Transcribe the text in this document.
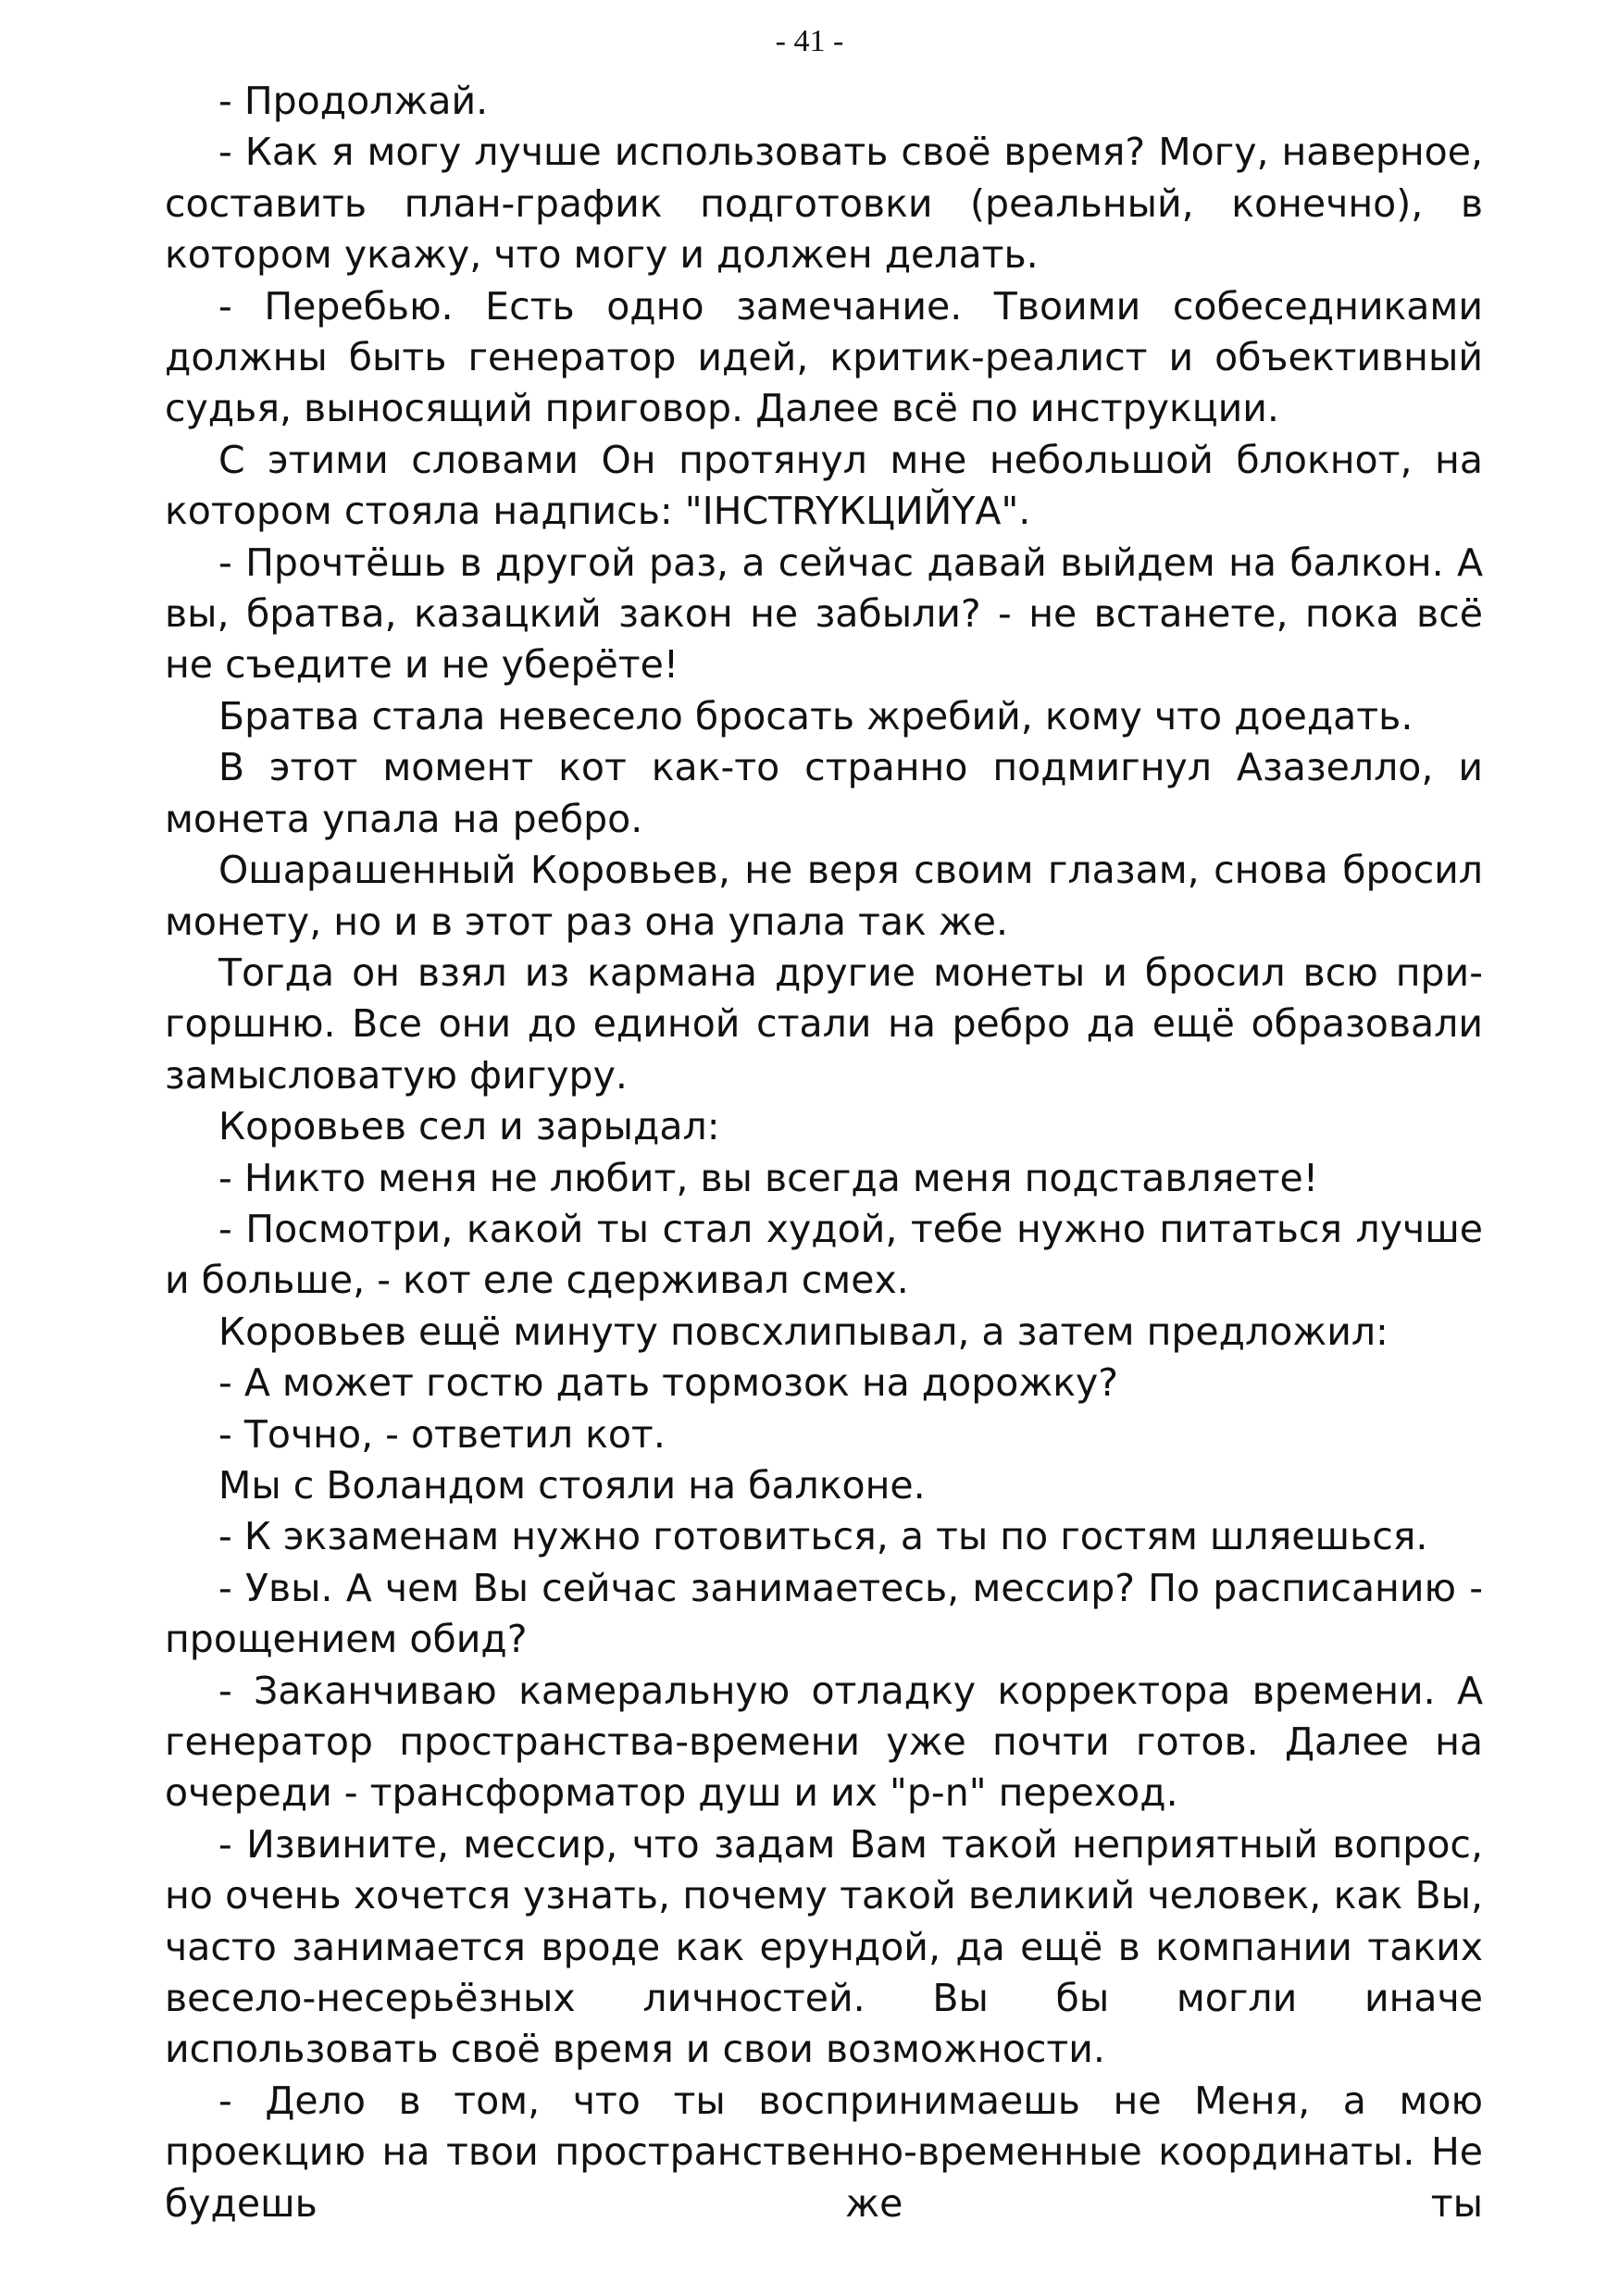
- 41 -

- Продолжай.

- Как я могу лучше использовать своё время? Могу, наверное, составить план-график подготовки (реальный, конечно), в котором укажу, что могу и должен делать.

- Перебью. Есть одно замечание. Твоими собеседниками должны быть генератор идей, критик-реалист и объективный судья, выносящий приговор. Далее всё по инструкции.

С этими словами Он протянул мне небольшой блокнот, на котором стояла надпись: "IНСТRYКЦИЙYА".

- Прочтёшь в другой раз, а сейчас давай выйдем на балкон. А вы, братва, казацкий закон не забыли? - не встанете, пока всё не съедите и не уберёте!

Братва стала невесело бросать жребий, кому что доедать.

В этот момент кот как-то странно подмигнул Азазелло, и монета упала на ребро.

Ошарашенный Коровьев, не веря своим глазам, снова бросил монету, но и в этот раз она упала так же.

Тогда он взял из кармана другие монеты и бросил всю пригоршню. Все они до единой стали на ребро да ещё образовали замысловатую фигуру.

Коровьев сел и зарыдал:

- Никто меня не любит, вы всегда меня подставляете!

- Посмотри, какой ты стал худой, тебе нужно питаться лучше и больше, - кот еле сдерживал смех.

Коровьев ещё минуту повсхлипывал, а затем предложил:

- А может гостю дать тормозок на дорожку?

- Точно, - ответил кот.

Мы с Воландом стояли на балконе.

- К экзаменам нужно готовиться, а ты по гостям шляешься.

- Увы. А чем Вы сейчас занимаетесь, мессир? По расписанию - прощением обид?

- Заканчиваю камеральную отладку корректора времени. А генератор пространства-времени уже почти готов. Далее на очереди - трансформатор душ и их "p-n" переход.

- Извините, мессир, что задам Вам такой неприятный вопрос, но очень хочется узнать, почему такой великий человек, как Вы, часто занимается вроде как ерундой, да ещё в компании таких весело-несерьёзных личностей. Вы бы могли иначе использовать своё время и свои возможности.

- Дело в том, что ты воспринимаешь не Меня, а мою проекцию на твои пространственно-временные координаты. Не будешь же ты
